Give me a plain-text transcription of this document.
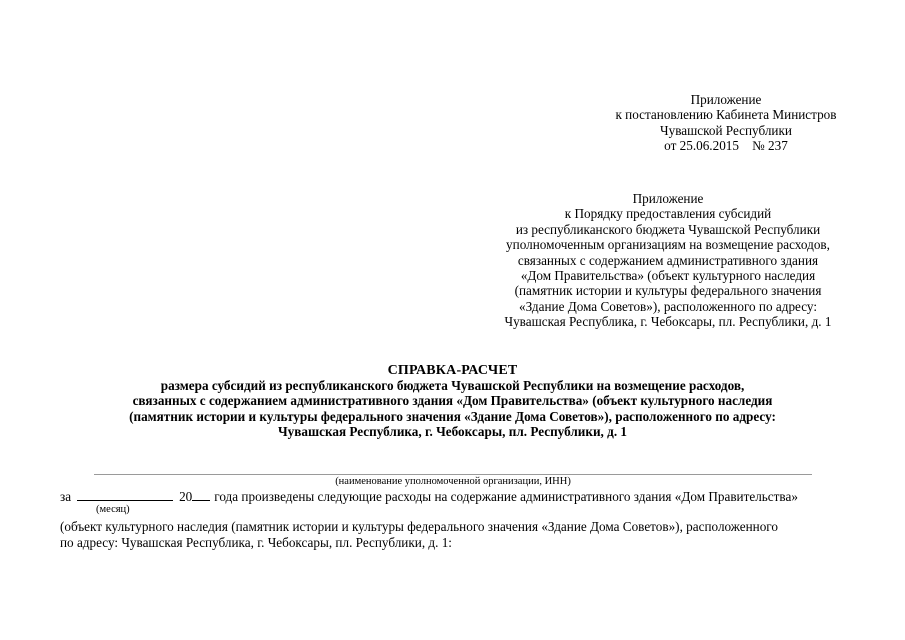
Приложение
к постановлению Кабинета Министров
Чувашской Республики
от 25.06.2015    № 237
Приложение
к Порядку предоставления субсидий
из республиканского бюджета Чувашской Республики
уполномоченным организациям на возмещение расходов,
связанных с содержанием административного здания
«Дом Правительства» (объект культурного наследия
(памятник истории и культуры федерального значения
«Здание Дома Советов»), расположенного по адресу:
Чувашская Республика, г. Чебоксары, пл. Республики, д. 1
СПРАВКА-РАСЧЕТ
размера субсидий из республиканского бюджета Чувашской Республики на возмещение расходов,
связанных с содержанием административного здания «Дом Правительства» (объект культурного наследия
(памятник истории и культуры федерального значения «Здание Дома Советов»), расположенного по адресу:
Чувашская Республика, г. Чебоксары, пл. Республики, д. 1
(наименование уполномоченной организации, ИНН)
за	20 года произведены следующие расходы на содержание административного здания «Дом Правительства»
(месяц)
(объект культурного наследия (памятник истории и культуры федерального значения «Здание Дома Советов»), расположенного
по адресу: Чувашская Республика, г. Чебоксары, пл. Республики, д. 1:
